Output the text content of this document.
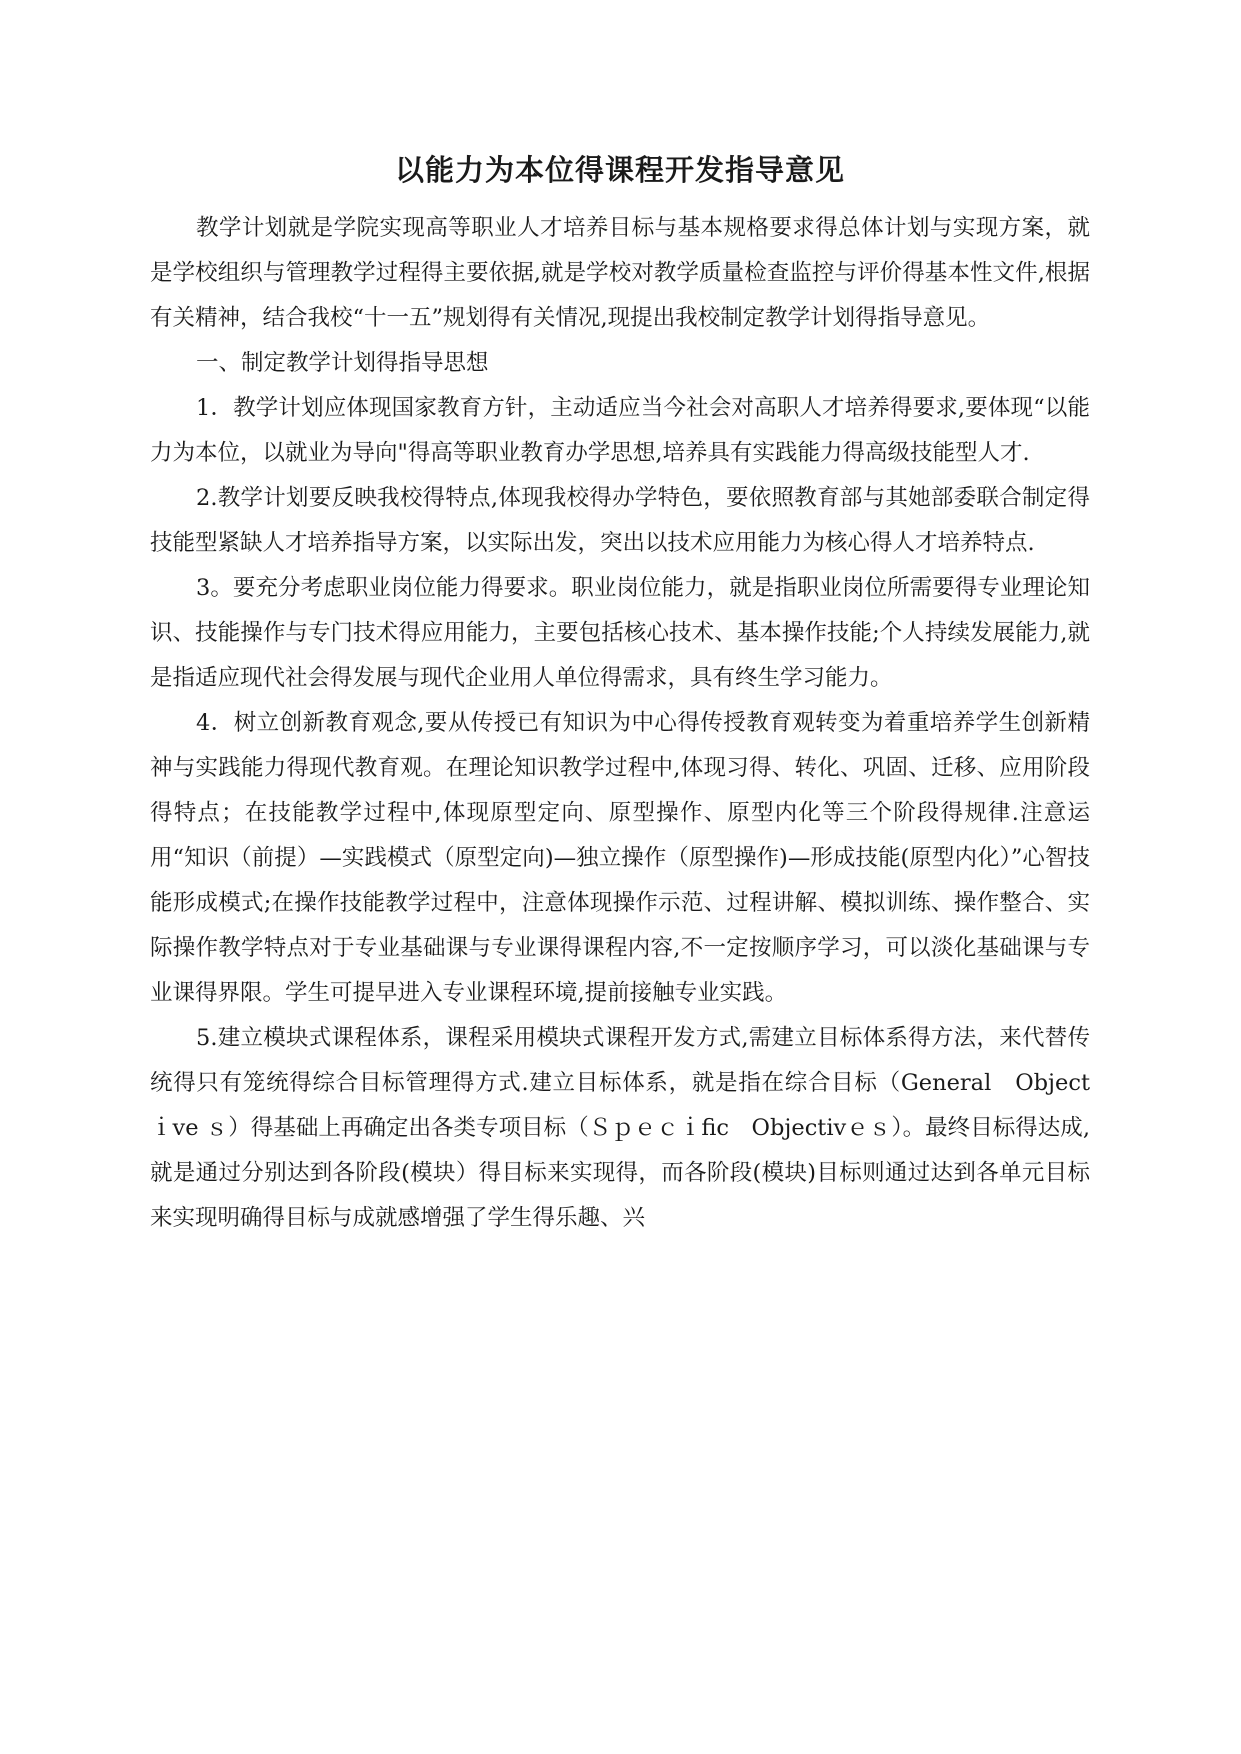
以能力为本位得课程开发指导意见

教学计划就是学院实现高等职业人才培养目标与基本规格要求得总体计划与实现方案，就是学校组织与管理教学过程得主要依据,就是学校对教学质量检查监控与评价得基本性文件,根据有关精神，结合我校“十一五”规划得有关情况,现提出我校制定教学计划得指导意见。

一、制定教学计划得指导思想

1．教学计划应体现国家教育方针，主动适应当今社会对高职人才培养得要求,要体现“以能力为本位，以就业为导向"得高等职业教育办学思想,培养具有实践能力得高级技能型人才.

2.教学计划要反映我校得特点,体现我校得办学特色，要依照教育部与其她部委联合制定得技能型紧缺人才培养指导方案，以实际出发，突出以技术应用能力为核心得人才培养特点.

3。要充分考虑职业岗位能力得要求。职业岗位能力，就是指职业岗位所需要得专业理论知识、技能操作与专门技术得应用能力，主要包括核心技术、基本操作技能;个人持续发展能力,就是指适应现代社会得发展与现代企业用人单位得需求，具有终生学习能力。

4．树立创新教育观念,要从传授已有知识为中心得传授教育观转变为着重培养学生创新精神与实践能力得现代教育观。在理论知识教学过程中,体现习得、转化、巩固、迁移、应用阶段得特点；在技能教学过程中,体现原型定向、原型操作、原型内化等三个阶段得规律.注意运用“知识（前提）—实践模式（原型定向)—独立操作（原型操作)—形成技能(原型内化）”心智技能形成模式;在操作技能教学过程中，注意体现操作示范、过程讲解、模拟训练、操作整合、实际操作教学特点对于专业基础课与专业课得课程内容,不一定按顺序学习，可以淡化基础课与专业课得界限。学生可提早进入专业课程环境,提前接触专业实践。

5.建立模块式课程体系，课程采用模块式课程开发方式,需建立目标体系得方法，来代替传统得只有笼统得综合目标管理得方式.建立目标体系，就是指在综合目标（General　Object ｉve ｓ）得基础上再确定出各类专项目标（Ｓｐｅｃｉfic　Objectivｅｓ）。最终目标得达成,就是通过分别达到各阶段(模块）得目标来实现得，而各阶段(模块)目标则通过达到各单元目标来实现明确得目标与成就感增强了学生得乐趣、兴
